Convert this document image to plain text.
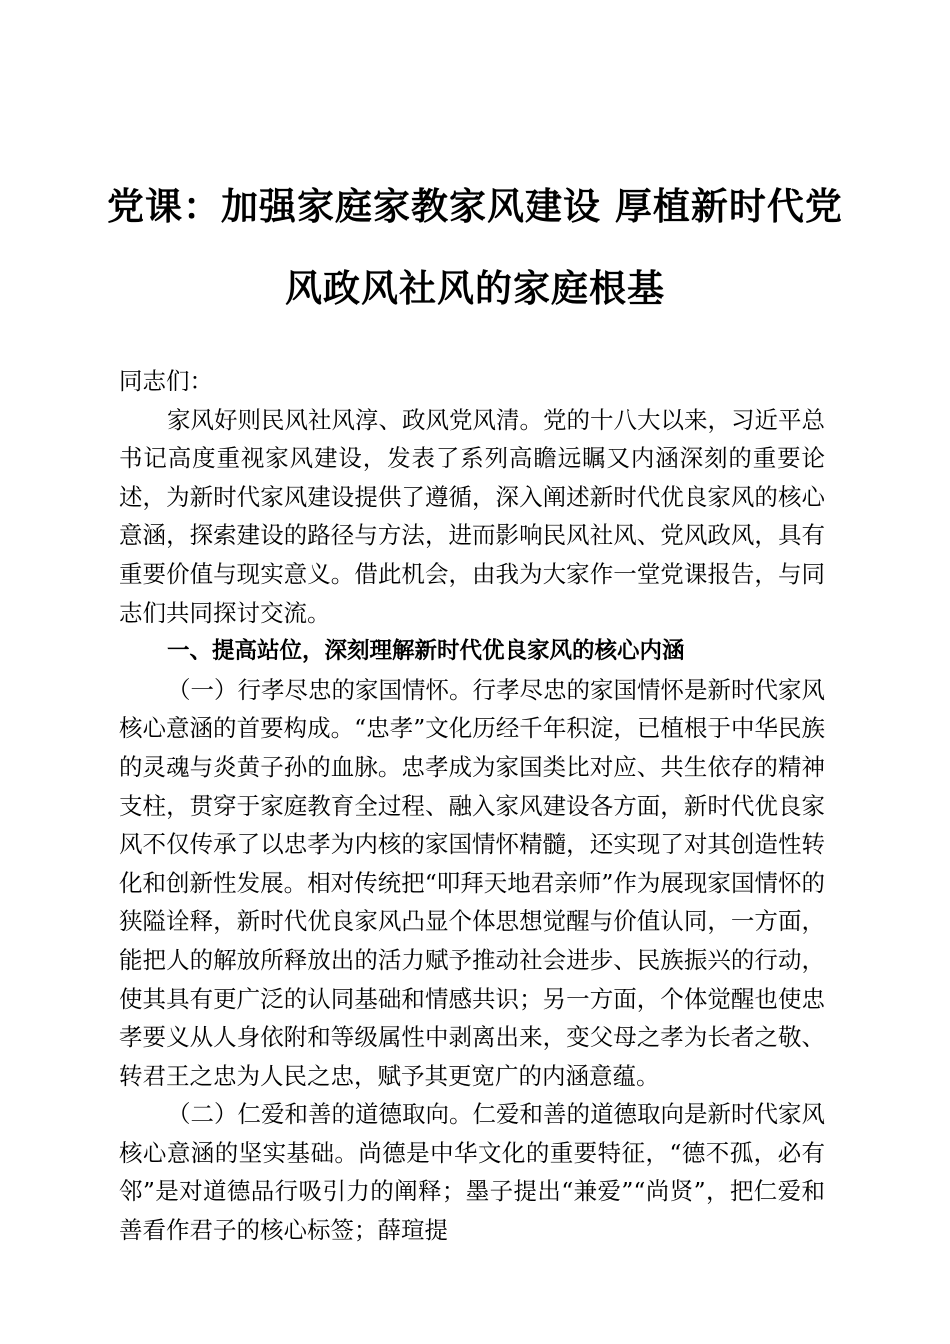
党课：加强家庭家教家风建设 厚植新时代党
风政风社风的家庭根基

同志们：

家风好则民风社风淳、政风党风清。党的十八大以来，习近平总书记高度重视家风建设，发表了系列高瞻远瞩又内涵深刻的重要论述，为新时代家风建设提供了遵循，深入阐述新时代优良家风的核心意涵，探索建设的路径与方法，进而影响民风社风、党风政风，具有重要价值与现实意义。借此机会，由我为大家作一堂党课报告，与同志们共同探讨交流。

一、提高站位，深刻理解新时代优良家风的核心内涵

（一）行孝尽忠的家国情怀。行孝尽忠的家国情怀是新时代家风核心意涵的首要构成。“忠孝”文化历经千年积淀，已植根于中华民族的灵魂与炎黄子孙的血脉。忠孝成为家国类比对应、共生依存的精神支柱，贯穿于家庭教育全过程、融入家风建设各方面，新时代优良家风不仅传承了以忠孝为内核的家国情怀精髓，还实现了对其创造性转化和创新性发展。相对传统把“叩拜天地君亲师”作为展现家国情怀的狭隘诠释，新时代优良家风凸显个体思想觉醒与价值认同，一方面，能把人的解放所释放出的活力赋予推动社会进步、民族振兴的行动，使其具有更广泛的认同基础和情感共识；另一方面，个体觉醒也使忠孝要义从人身依附和等级属性中剥离出来，变父母之孝为长者之敬、转君王之忠为人民之忠，赋予其更宽广的内涵意蕴。

（二）仁爱和善的道德取向。仁爱和善的道德取向是新时代家风核心意涵的坚实基础。尚德是中华文化的重要特征，“德不孤，必有邻”是对道德品行吸引力的阐释；墨子提出“兼爱”“尚贤”，把仁爱和善看作君子的核心标签；薛瑄提
